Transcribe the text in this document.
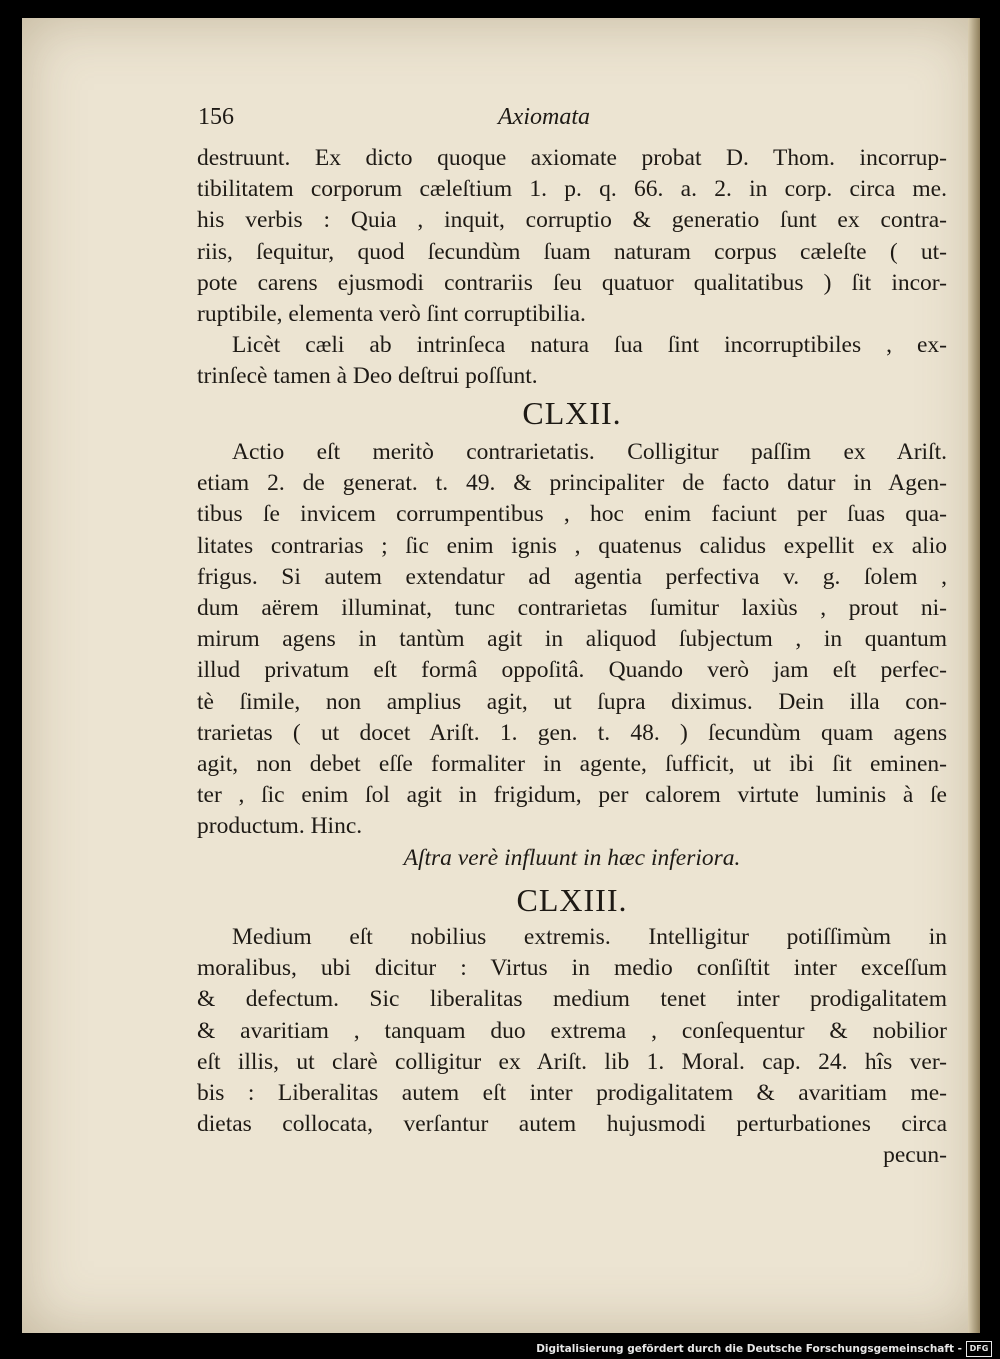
156	Axiomata
destruunt. Ex dicto quoque axiomate probat D. Thom. incorrup-
tibilitatem corporum cæleſtium 1. p. q. 66. a. 2. in corp. circa me.
his verbis : Quia , inquit, corruptio & generatio ſunt ex contra-
riis, ſequitur, quod ſecundùm ſuam naturam corpus cæleſte ( ut-
pote carens ejusmodi contrariis ſeu quatuor qualitatibus ) ſit incor-
ruptibile, elementa verò ſint corruptibilia.
Licèt cæli ab intrinſeca natura ſua ſint incorruptibiles , ex-
trinſecè tamen à Deo deſtrui poſſunt.
CLXII.
Actio eſt meritò contrarietatis. Colligitur paſſim ex Ariſt.
etiam 2. de generat. t. 49. & principaliter de facto datur in Agen-
tibus ſe invicem corrumpentibus , hoc enim faciunt per ſuas qua-
litates contrarias ; ſic enim ignis , quatenus calidus expellit ex alio
frigus. Si autem extendatur ad agentia perfectiva v. g. ſolem ,
dum aërem illuminat, tunc contrarietas ſumitur laxiùs , prout ni-
mirum agens in tantùm agit in aliquod ſubjectum , in quantum
illud privatum eſt formâ oppoſitâ. Quando verò jam eſt perfec-
tè ſimile, non amplius agit, ut ſupra diximus. Dein illa con-
trarietas ( ut docet Ariſt. 1. gen. t. 48. ) ſecundùm quam agens
agit, non debet eſſe formaliter in agente, ſufficit, ut ibi ſit eminen-
ter , ſic enim ſol agit in frigidum, per calorem virtute luminis à ſe
productum. Hinc.
Aſtra verè influunt in hæc inferiora.
CLXIII.
Medium eſt nobilius extremis. Intelligitur potiſſimùm in
moralibus, ubi dicitur : Virtus in medio conſiſtit inter exceſſum
& defectum. Sic liberalitas medium tenet inter prodigalitatem
& avaritiam , tanquam duo extrema , conſequentur & nobilior
eſt illis, ut clarè colligitur ex Ariſt. lib 1. Moral. cap. 24. hîs ver-
bis : Liberalitas autem eſt inter prodigalitatem & avaritiam me-
dietas collocata, verſantur autem hujusmodi perturbationes circa
pecun-
Digitalisierung gefördert durch die Deutsche Forschungsgemeinschaft - DFG
